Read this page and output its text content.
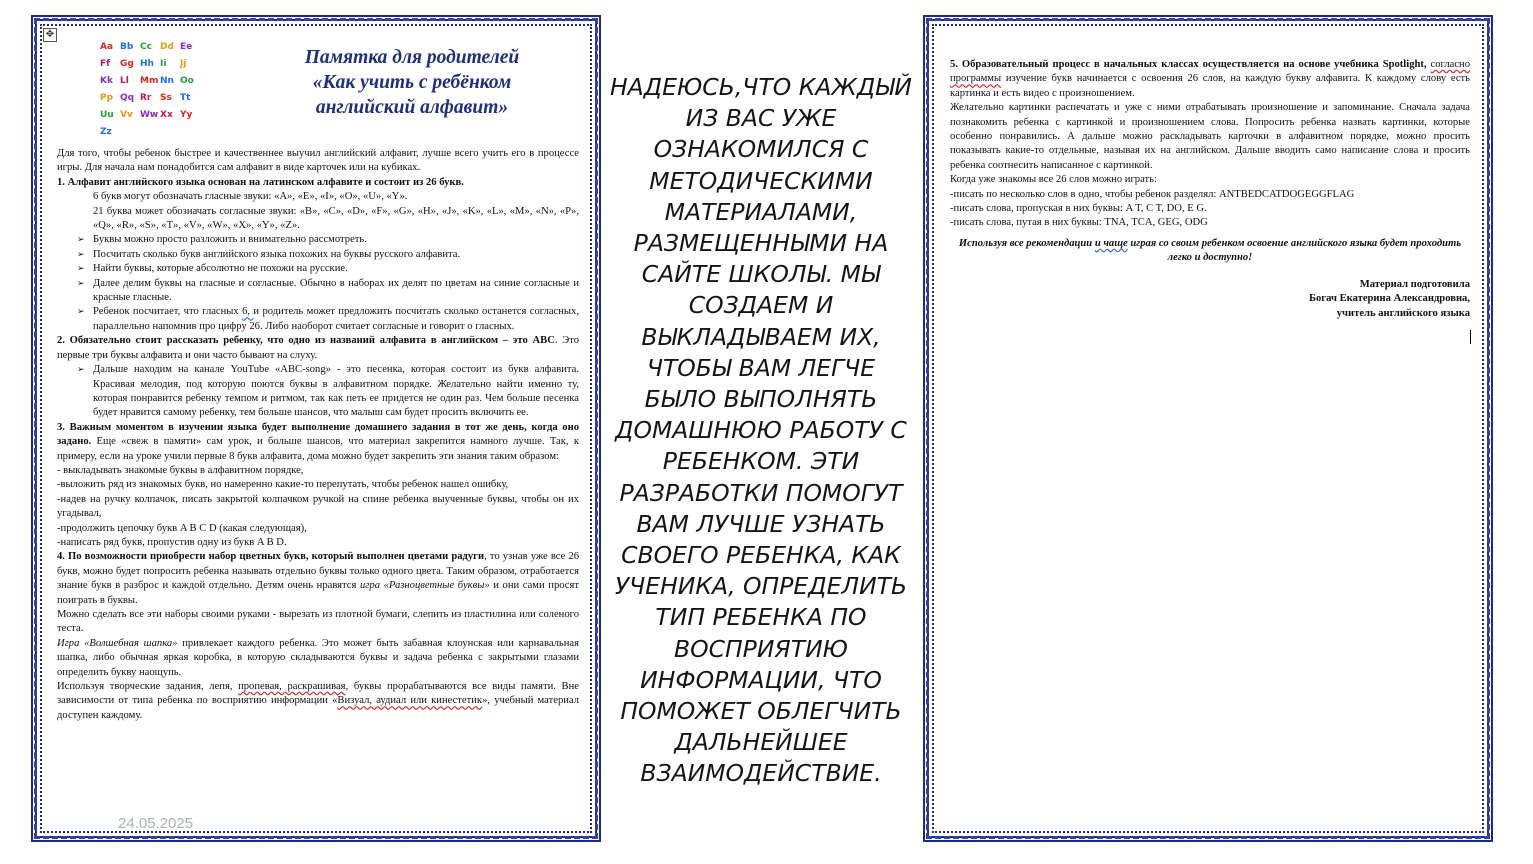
✥
Aa Bb Cc Dd Ee
Ff Gg Hh Ii Jj
Kk Ll Mm Nn Oo
Pp Qq Rr Ss Tt
Uu Vv Ww Xx Yy
Zz
Памятка для родителей
«Как учить с ребёнком
английский алфавит»

Для того, чтобы ребенок быстрее и качественнее выучил английский алфавит, лучше всего учить его в процессе игры. Для начала нам понадобится сам алфавит в виде карточек или на кубиках.

1. Алфавит английского языка основан на латинском алфавите и состоит из 26 букв.

6 букв могут обозначать гласные звуки: «A», «E», «I», «O», «U», «Y».

21 буква может обозначать согласные звуки: «B», «C», «D», «F», «G», «H», «J», «K», «L», «M», «N», «P», «Q», «R», «S», «T», «V», «W», «X», «Y», «Z».

➢ Буквы можно просто разложить и внимательно рассмотреть.

➢ Посчитать сколько букв английского языка похожих на буквы русского алфавита.

➢ Найти буквы, которые абсолютно не похожи на русские.

➢ Далее делим буквы на гласные и согласные. Обычно в наборах их делят по цветам на синие согласные и красные гласные.

➢ Ребенок посчитает, что гласных 6, и родитель может предложить посчитать сколько останется согласных, параллельно напомнив про цифру 26. Либо наоборот считает согласные и говорит о гласных.

2. Обязательно стоит рассказать ребенку, что одно из названий алфавита в английском – это ABC. Это первые три буквы алфавита и они часто бывают на слуху.

➢ Дальше находим на канале YouTube «ABC-song» - это песенка, которая состоит из букв алфавита. Красивая мелодия, под которую поются буквы в алфавитном порядке. Желательно найти именно ту, которая понравится ребенку темпом и ритмом, так как петь ее придется не один раз. Чем больше песенка будет нравится самому ребенку, тем больше шансов, что малыш сам будет просить включить ее.

3. Важным моментом в изучении языка будет выполнение домашнего задания в тот же день, когда оно задано. Еще «свеж в памяти» сам урок, и больше шансов, что материал закрепится намного лучше. Так, к примеру, если на уроке учили первые 8 букв алфавита, дома можно будет закрепить эти знания таким образом:

- выкладывать знакомые буквы в алфавитном порядке,

-выложить ряд из знакомых букв, но намеренно какие-то перепутать, чтобы ребенок нашел ошибку,

-надев на ручку колпачок, писать закрытой колпачком ручкой на спине ребенка выученные буквы, чтобы он их угадывал,

-продолжить цепочку букв A B C D (какая следующая),

-написать ряд букв, пропустив одну из букв A B D.

4. По возможности приобрести набор цветных букв, который выполнен цветами радуги, то узнав уже все 26 букв, можно будет попросить ребенка называть отдельно буквы только одного цвета. Таким образом, отработается знание букв в разброс и каждой отдельно. Детям очень нравятся игра «Разноцветные буквы» и они сами просят поиграть в буквы.

Можно сделать все эти наборы своими руками - вырезать из плотной бумаги, слепить из пластилина или соленого теста.

Игра «Волшебная шапка» привлекает каждого ребенка. Это может быть забавная клоунская или карнавальная шапка, либо обычная яркая коробка, в которую складываются буквы и задача ребенка с закрытыми глазами определить букву наощупь.

Используя творческие задания, лепя, пропевая, раскрашивая, буквы прорабатываются все виды памяти. Вне зависимости от типа ребенка по восприятию информации «Визуал, аудиал или кинестетик», учебный материал доступен каждому.

24.05.2025
НАДЕЮСЬ,ЧТО КАЖДЫЙ ИЗ ВАС УЖЕ ОЗНАКОМИЛСЯ С МЕТОДИЧЕСКИМИ МАТЕРИАЛАМИ, РАЗМЕЩЕННЫМИ НА САЙТЕ ШКОЛЫ. МЫ СОЗДАЕМ И ВЫКЛАДЫВАЕМ ИХ, ЧТОБЫ ВАМ ЛЕГЧЕ БЫЛО ВЫПОЛНЯТЬ ДОМАШНЮЮ РАБОТУ С РЕБЕНКОМ. ЭТИ РАЗРАБОТКИ ПОМОГУТ ВАМ ЛУЧШЕ УЗНАТЬ СВОЕГО РЕБЕНКА, КАК УЧЕНИКА, ОПРЕДЕЛИТЬ ТИП РЕБЕНКА ПО ВОСПРИЯТИЮ ИНФОРМАЦИИ, ЧТО ПОМОЖЕТ ОБЛЕГЧИТЬ ДАЛЬНЕЙШЕЕ ВЗАИМОДЕЙСТВИЕ.

5. Образовательный процесс в начальных классах осуществляется на основе учебника Spotlight, согласно программы изучение букв начинается с освоения 26 слов, на каждую букву алфавита. К каждому слову есть картинка и есть видео с произношением.

Желательно картинки распечатать и уже с ними отрабатывать произношение и запоминание. Сначала задача познакомить ребенка с картинкой и произношением слова. Попросить ребенка назвать картинки, которые особенно понравились. А дальше можно раскладывать карточки в алфавитном порядке, можно просить показывать какие-то отдельные, называя их на английском. Дальше вводить само написание слова и просить ребенка соотнесить написанное с картинкой.

Когда уже знакомы все 26 слов можно играть:

-писать по несколько слов в одно, чтобы ребенок разделял: ANTBEDCATDOGEGGFLAG

-писать слова, пропуская в них буквы: A T, C T, DO, E G.

-писать слова, путая в них буквы: TNA, TCA, GEG, ODG

Используя все рекомендации и чаще играя со своим ребенком освоение английского языка будет проходить легко и доступно!

Материал подготовила
Богач Екатерина Александровна,
учитель английского языка
